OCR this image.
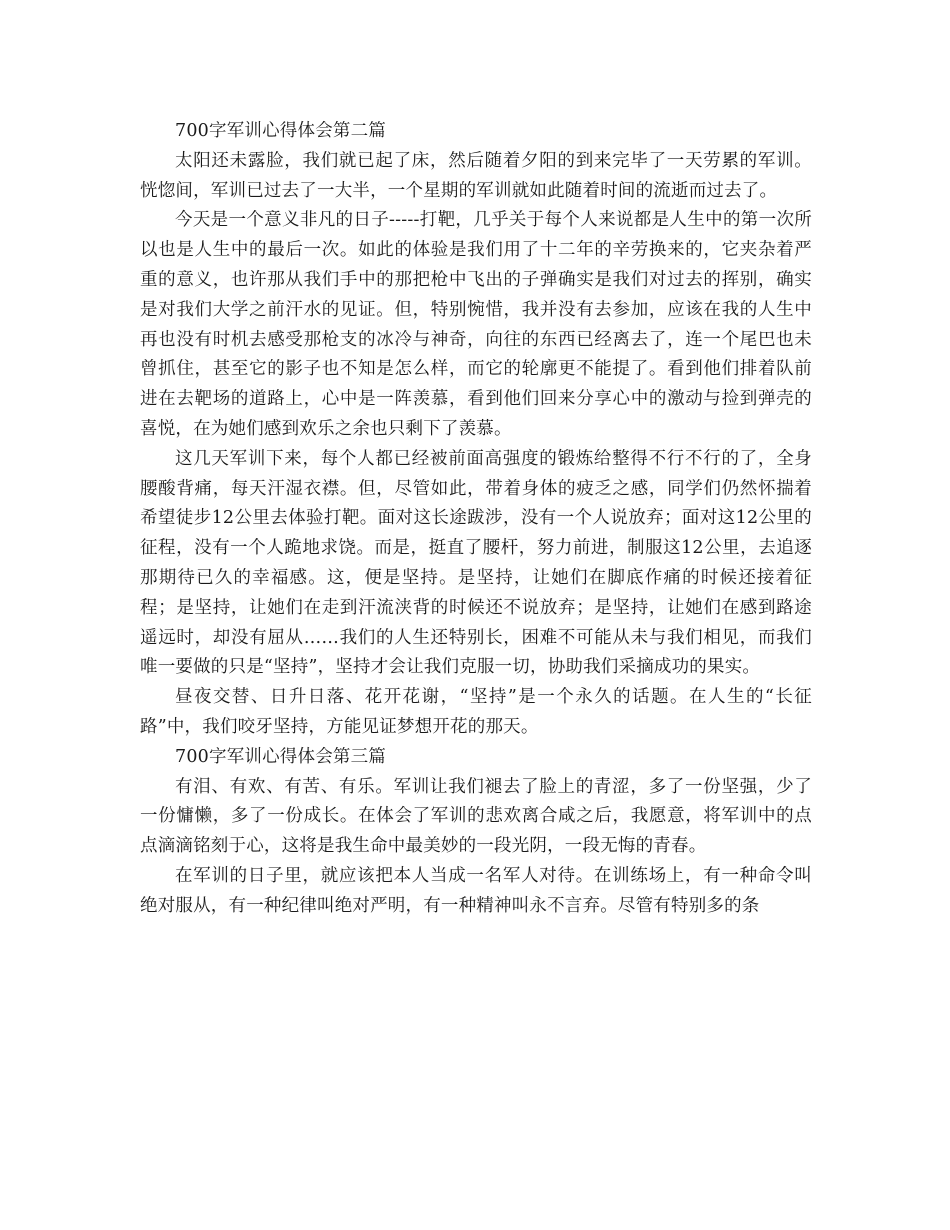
700字军训心得体会第二篇

太阳还未露脸，我们就已起了床，然后随着夕阳的到来完毕了一天劳累的军训。恍惚间，军训已过去了一大半，一个星期的军训就如此随着时间的流逝而过去了。

今天是一个意义非凡的日子-----打靶，几乎关于每个人来说都是人生中的第一次所以也是人生中的最后一次。如此的体验是我们用了十二年的辛劳换来的，它夹杂着严重的意义，也许那从我们手中的那把枪中飞出的子弹确实是我们对过去的挥别，确实是对我们大学之前汗水的见证。但，特别惋惜，我并没有去参加，应该在我的人生中再也没有时机去感受那枪支的冰冷与神奇，向往的东西已经离去了，连一个尾巴也未曾抓住，甚至它的影子也不知是怎么样，而它的轮廓更不能提了。看到他们排着队前进在去靶场的道路上，心中是一阵羡慕，看到他们回来分享心中的激动与捡到弹壳的喜悦，在为她们感到欢乐之余也只剩下了羡慕。

这几天军训下来，每个人都已经被前面高强度的锻炼给整得不行不行的了，全身腰酸背痛，每天汗湿衣襟。但，尽管如此，带着身体的疲乏之感，同学们仍然怀揣着希望徒步12公里去体验打靶。面对这长途跋涉，没有一个人说放弃；面对这12公里的征程，没有一个人跪地求饶。而是，挺直了腰杆，努力前进，制服这12公里，去追逐那期待已久的幸福感。这，便是坚持。是坚持，让她们在脚底作痛的时候还接着征程；是坚持，让她们在走到汗流浃背的时候还不说放弃；是坚持，让她们在感到路途遥远时，却没有屈从……我们的人生还特别长，困难不可能从未与我们相见，而我们唯一要做的只是“坚持”，坚持才会让我们克服一切，协助我们采摘成功的果实。

昼夜交替、日升日落、花开花谢，“坚持”是一个永久的话题。在人生的“长征路”中，我们咬牙坚持，方能见证梦想开花的那天。

700字军训心得体会第三篇

有泪、有欢、有苦、有乐。军训让我们褪去了脸上的青涩，多了一份坚强，少了一份慵懒，多了一份成长。在体会了军训的悲欢离合咸之后，我愿意，将军训中的点点滴滴铭刻于心，这将是我生命中最美妙的一段光阴，一段无悔的青春。

在军训的日子里，就应该把本人当成一名军人对待。在训练场上，有一种命令叫绝对服从，有一种纪律叫绝对严明，有一种精神叫永不言弃。尽管有特别多的条
